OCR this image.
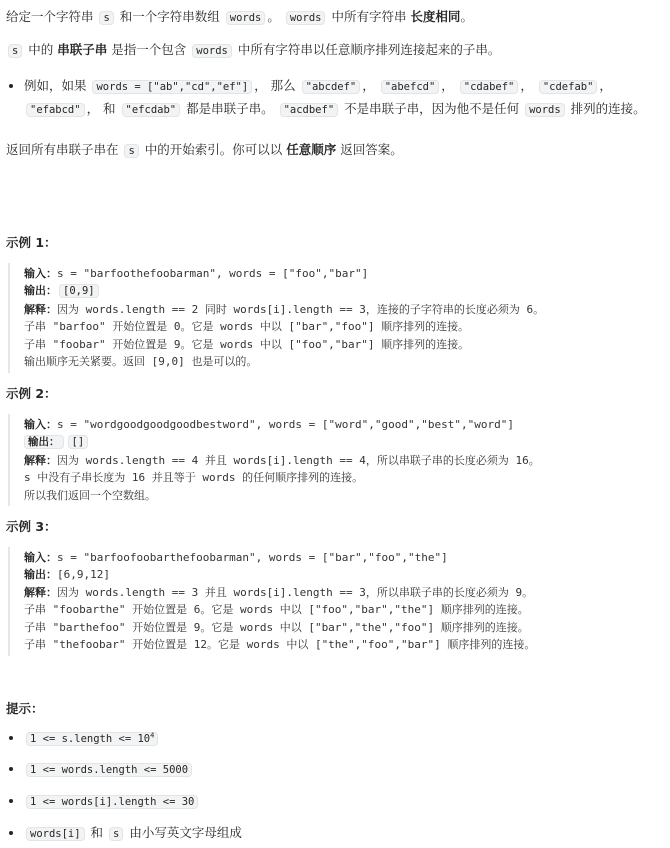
给定一个字符串 s 和一个字符串数组 words 。 words 中所有字符串 长度相同。

s 中的 串联子串 是指一个包含 words 中所有字符串以任意顺序排列连接起来的子串。

• 例如，如果 words = ["ab","cd","ef"] ， 那么 "abcdef" ， "abefcd" ， "cdabef" ， "cdefab" ， "efabcd" ， 和 "efcdab" 都是串联子串。 "acdbef" 不是串联子串，因为他不是任何 words 排列的连接。

返回所有串联子串在 s 中的开始索引。你可以以 任意顺序 返回答案。

示例 1：

输入：s = "barfoothefoobarman", words = ["foo","bar"]
输出： [0,9]
解释：因为 words.length == 2 同时 words[i].length == 3，连接的子字符串的长度必须为 6。
子串 "barfoo" 开始位置是 0。它是 words 中以 ["bar","foo"] 顺序排列的连接。
子串 "foobar" 开始位置是 9。它是 words 中以 ["foo","bar"] 顺序排列的连接。
输出顺序无关紧要。返回 [9,0] 也是可以的。

示例 2：

输入：s = "wordgoodgoodgoodbestword", words = ["word","good","best","word"]
输出： []
解释：因为 words.length == 4 并且 words[i].length == 4，所以串联子串的长度必须为 16。
s 中没有子串长度为 16 并且等于 words 的任何顺序排列的连接。
所以我们返回一个空数组。

示例 3：

输入：s = "barfoofoobarthefoobarman", words = ["bar","foo","the"]
输出：[6,9,12]
解释：因为 words.length == 3 并且 words[i].length == 3，所以串联子串的长度必须为 9。
子串 "foobarthe" 开始位置是 6。它是 words 中以 ["foo","bar","the"] 顺序排列的连接。
子串 "barthefoo" 开始位置是 9。它是 words 中以 ["bar","the","foo"] 顺序排列的连接。
子串 "thefoobar" 开始位置是 12。它是 words 中以 ["the","foo","bar"] 顺序排列的连接。

提示：

• 1 <= s.length <= $10^4$
• 1 <= words.length <= 5000
• 1 <= words[i].length <= 30
• words[i] 和 s 由小写英文字母组成
